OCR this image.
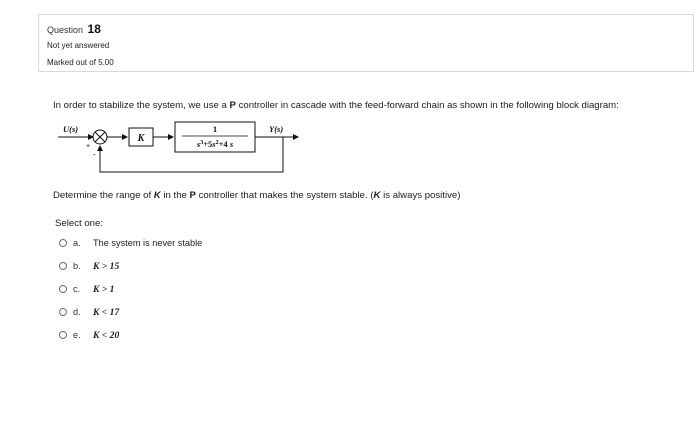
Question 18
Not yet answered
Marked out of 5.00
In order to stabilize the system, we use a P controller in cascade with the feed-forward chain as shown in the following block diagram:
U(s)
+
-
K
1
$s^3+5s^2+4$ s
Y(s)
Determine the range of K in the P controller that makes the system stable. (K is always positive)
Select one:
a.	The system is never stable
b.	K > 15
c.	K > 1
d.	K < 17
e.	K < 20
